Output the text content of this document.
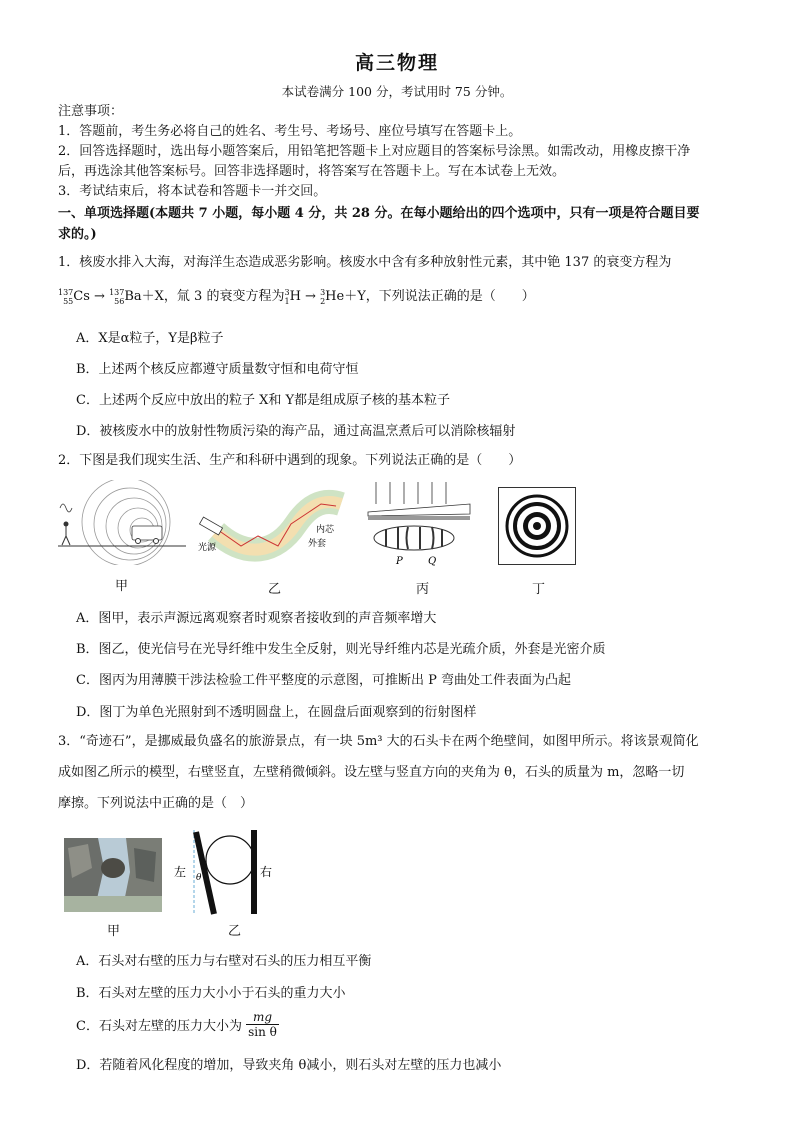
高三物理
本试卷满分 100 分，考试用时 75 分钟。
注意事项：
1．答题前，考生务必将自己的姓名、考生号、考场号、座位号填写在答题卡上。
2．回答选择题时，选出每小题答案后，用铅笔把答题卡上对应题目的答案标号涂黑。如需改动，用橡皮擦干净
后，再选涂其他答案标号。回答非选择题时，将答案写在答题卡上。写在本试卷上无效。
3．考试结束后，将本试卷和答题卡一并交回。
一、单项选择题(本题共 7 小题，每小题 4 分，共 28 分。在每小题给出的四个选项中，只有一项是符合题目要
求的。)
1．核废水排入大海，对海洋生态造成恶劣影响。核废水中含有多种放射性元素，其中铯 137 的衰变方程为
137
55 Cs → 137
56 Ba＋X，氚 3 的衰变方程为 3
1 H → 3
2 He＋Y，下列说法正确的是（　　）
A．X是α粒子，Y是β粒子
B．上述两个核反应都遵守质量数守恒和电荷守恒
C．上述两个反应中放出的粒子 X和 Y都是组成原子核的基本粒子
D．被核废水中的放射性物质污染的海产品，通过高温烹煮后可以消除核辐射
2．下图是我们现实生活、生产和科研中遇到的现象。下列说法正确的是（　　）
甲
光源
内芯
外套
乙
P	Q
丙	丁
A．图甲，表示声源远离观察者时观察者接收到的声音频率增大
B．图乙，使光信号在光导纤维中发生全反射，则光导纤维内芯是光疏介质，外套是光密介质
C．图丙为用薄膜干涉法检验工件平整度的示意图，可推断出 P 弯曲处工件表面为凸起
D．图丁为单色光照射到不透明圆盘上，在圆盘后面观察到的衍射图样
3．“奇迹石”，是挪威最负盛名的旅游景点，有一块 5m³ 大的石头卡在两个绝壁间，如图甲所示。将该景观简化
成如图乙所示的模型，右壁竖直，左壁稍微倾斜。设左壁与竖直方向的夹角为 θ，石头的质量为 m，忽略一切
摩擦。下列说法中正确的是（　）
甲
左	右
θ
乙
A．石头对右壁的压力与右壁对石头的压力相互平衡
B．石头对左壁的压力大小小于石头的重力大小
C．石头对左壁的压力大小为 $\frac{mg}{\text{sin θ}}$
D．若随着风化程度的增加，导致夹角 θ减小，则石头对左壁的压力也减小
